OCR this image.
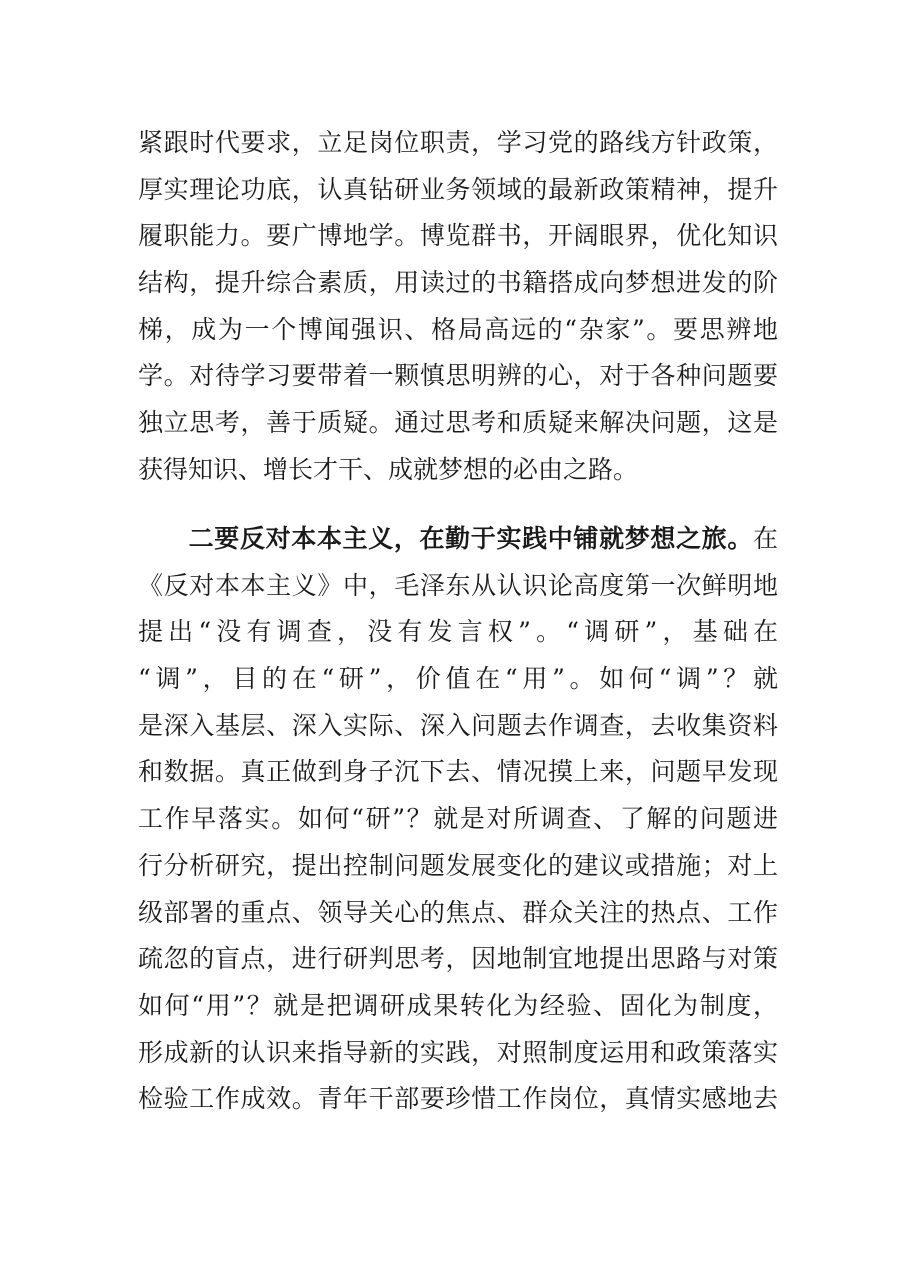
紧跟时代要求，立足岗位职责，学习党的路线方针政策，
厚实理论功底，认真钻研业务领域的最新政策精神，提升
履职能力。要广博地学。博览群书，开阔眼界，优化知识
结构，提升综合素质，用读过的书籍搭成向梦想进发的阶
梯，成为一个博闻强识、格局高远的“杂家”。要思辨地
学。对待学习要带着一颗慎思明辨的心，对于各种问题要
独立思考，善于质疑。通过思考和质疑来解决问题，这是
获得知识、增长才干、成就梦想的必由之路。
二要反对本本主义，在勤于实践中铺就梦想之旅。在
《反对本本主义》中，毛泽东从认识论高度第一次鲜明地
提出“没有调查，没有发言权”。“调研”，基础在
“调”，目的在“研”，价值在“用”。如何“调”？就
是深入基层、深入实际、深入问题去作调查，去收集资料
和数据。真正做到身子沉下去、情况摸上来，问题早发现
工作早落实。如何“研”？就是对所调查、了解的问题进
行分析研究，提出控制问题发展变化的建议或措施；对上
级部署的重点、领导关心的焦点、群众关注的热点、工作
疏忽的盲点，进行研判思考，因地制宜地提出思路与对策
如何“用”？就是把调研成果转化为经验、固化为制度，
形成新的认识来指导新的实践，对照制度运用和政策落实
检验工作成效。青年干部要珍惜工作岗位，真情实感地去
